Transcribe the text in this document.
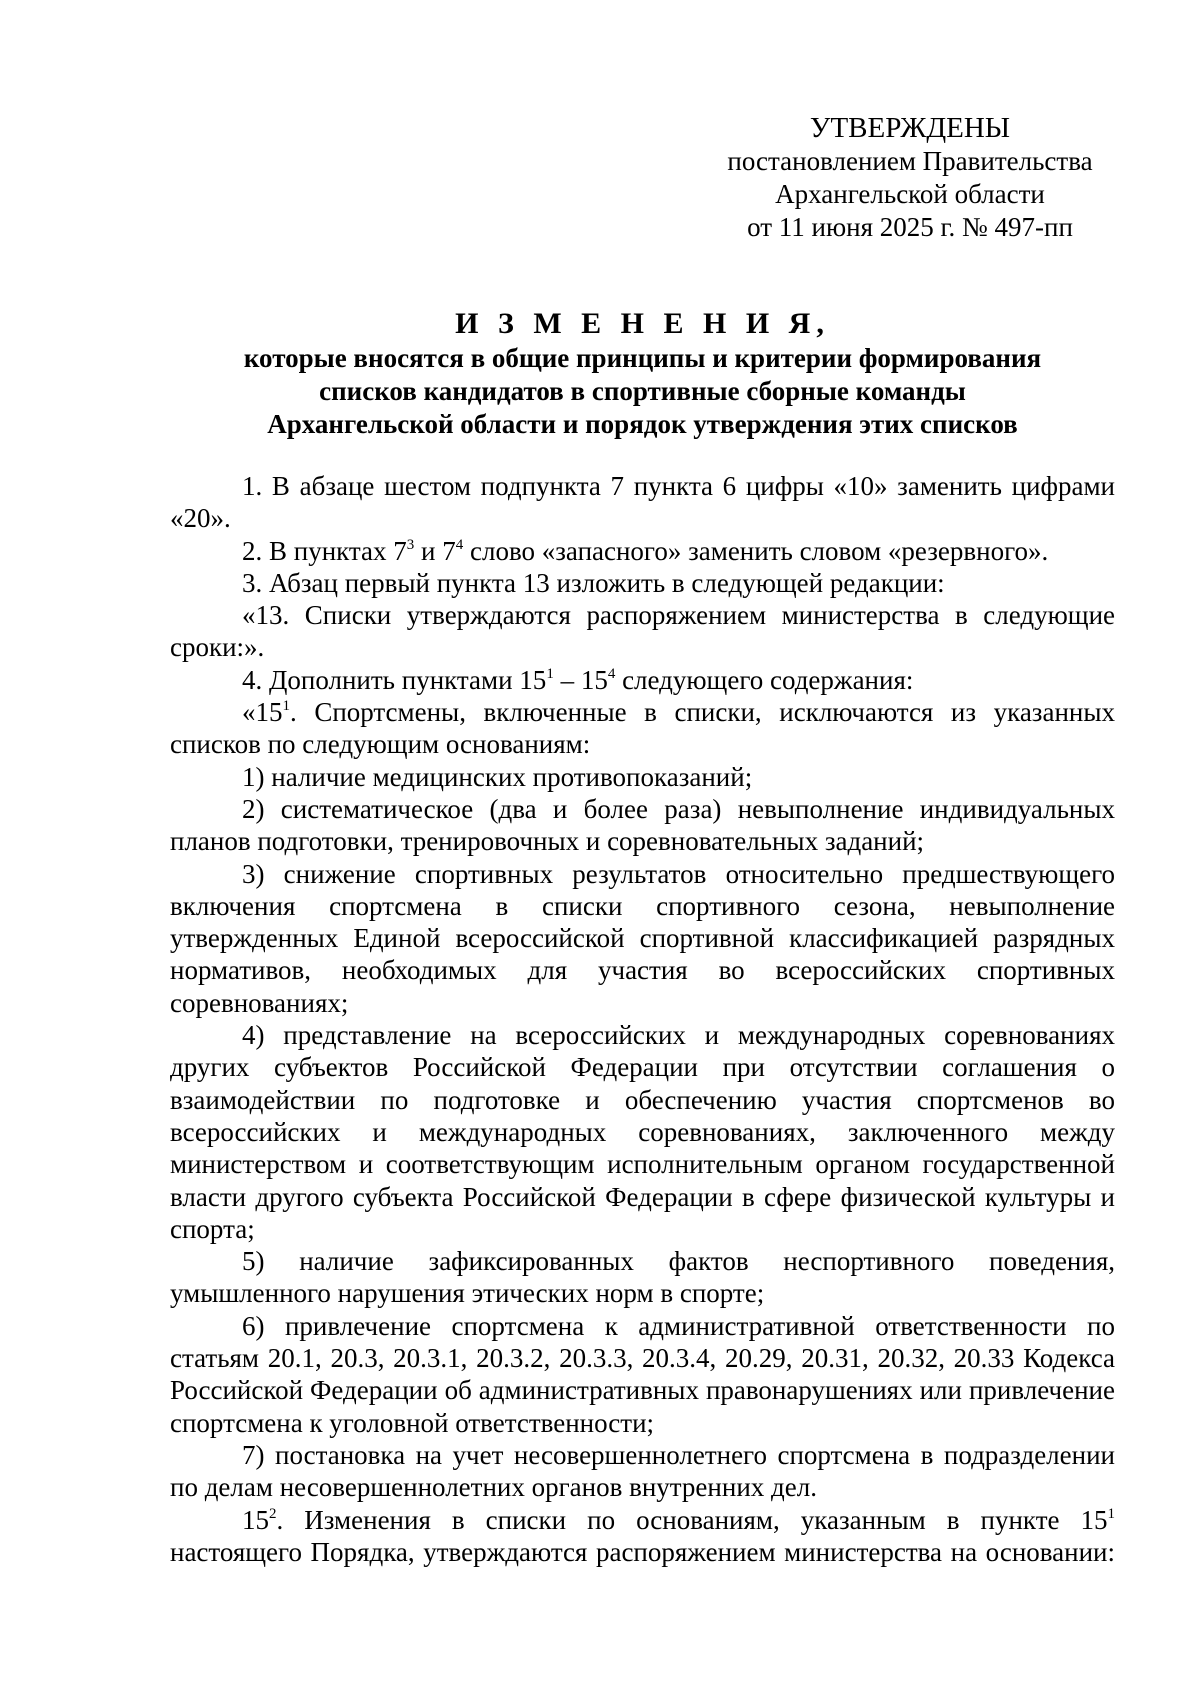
УТВЕРЖДЕНЫ
постановлением Правительства
Архангельской области
от 11 июня 2025 г. № 497-пп
И З М Е Н Е Н И Я,
которые вносятся в общие принципы и критерии формирования
списков кандидатов в спортивные сборные команды
Архангельской области и порядок утверждения этих списков
1. В абзаце шестом подпункта 7 пункта 6 цифры «10» заменить цифрами «20».
2. В пунктах $7^3$ и $7^4$ слово «запасного» заменить словом «резервного».
3. Абзац первый пункта 13 изложить в следующей редакции:
«13. Списки утверждаются распоряжением министерства в следующие сроки:».
4. Дополнить пунктами $15^1 - 15^4$ следующего содержания:
«$15^1$. Спортсмены, включенные в списки, исключаются из указанных списков по следующим основаниям:
1) наличие медицинских противопоказаний;
2) систематическое (два и более раза) невыполнение индивидуальных планов подготовки, тренировочных и соревновательных заданий;
3) снижение спортивных результатов относительно предшествующего включения спортсмена в списки спортивного сезона, невыполнение утвержденных Единой всероссийской спортивной классификацией разрядных нормативов, необходимых для участия во всероссийских спортивных соревнованиях;
4) представление на всероссийских и международных соревнованиях других субъектов Российской Федерации при отсутствии соглашения о взаимодействии по подготовке и обеспечению участия спортсменов во всероссийских и международных соревнованиях, заключенного между министерством и соответствующим исполнительным органом государственной власти другого субъекта Российской Федерации в сфере физической культуры и спорта;
5) наличие зафиксированных фактов неспортивного поведения, умышленного нарушения этических норм в спорте;
6) привлечение спортсмена к административной ответственности по статьям 20.1, 20.3, 20.3.1, 20.3.2, 20.3.3, 20.3.4, 20.29, 20.31, 20.32, 20.33 Кодекса Российской Федерации об административных правонарушениях или привлечение спортсмена к уголовной ответственности;
7) постановка на учет несовершеннолетнего спортсмена в подразделении по делам несовершеннолетних органов внутренних дел.
$15^2$. Изменения в списки по основаниям, указанным в пункте $15^1$ настоящего Порядка, утверждаются распоряжением министерства на основании:
